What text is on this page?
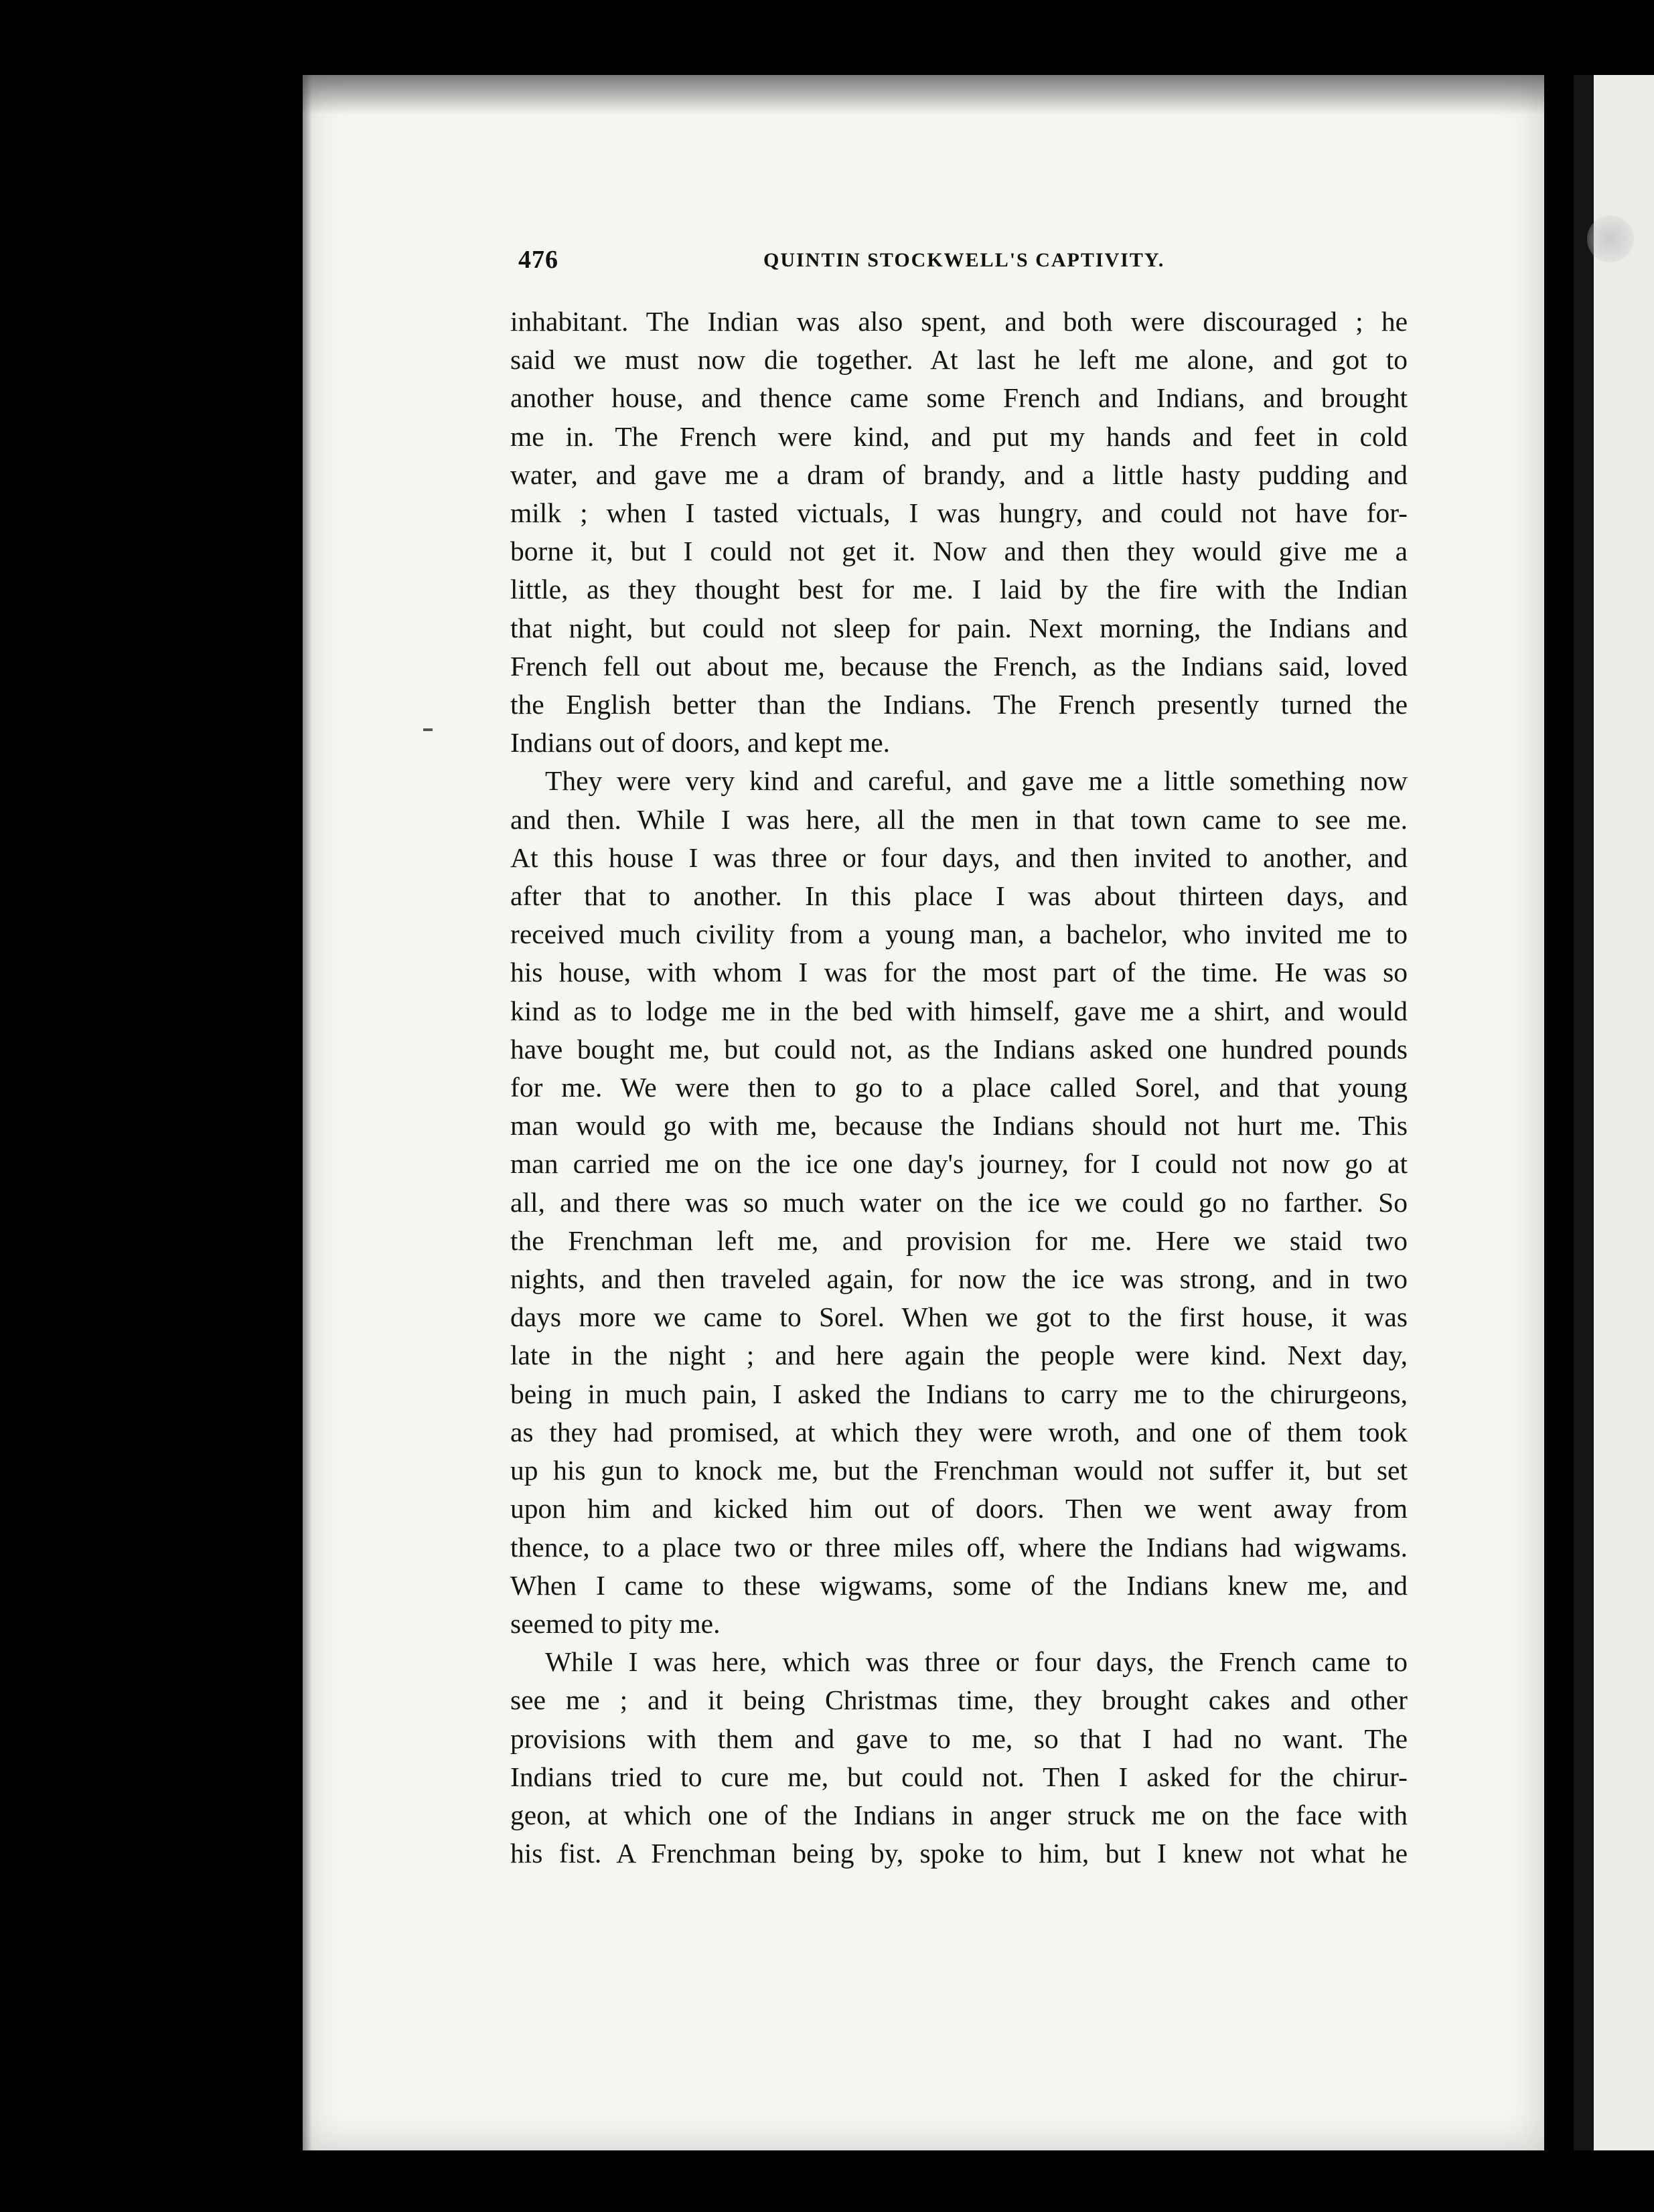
476	QUINTIN STOCKWELL'S CAPTIVITY.

inhabitant. The Indian was also spent, and both were discouraged ; he
said we must now die together. At last he left me alone, and got to
another house, and thence came some French and Indians, and brought
me in. The French were kind, and put my hands and feet in cold
water, and gave me a dram of brandy, and a little hasty pudding and
milk ; when I tasted victuals, I was hungry, and could not have for-
borne it, but I could not get it. Now and then they would give me a
little, as they thought best for me. I laid by the fire with the Indian
that night, but could not sleep for pain. Next morning, the Indians and
French fell out about me, because the French, as the Indians said, loved
the English better than the Indians. The French presently turned the
Indians out of doors, and kept me.

They were very kind and careful, and gave me a little something now
and then. While I was here, all the men in that town came to see me.
At this house I was three or four days, and then invited to another, and
after that to another. In this place I was about thirteen days, and
received much civility from a young man, a bachelor, who invited me to
his house, with whom I was for the most part of the time. He was so
kind as to lodge me in the bed with himself, gave me a shirt, and would
have bought me, but could not, as the Indians asked one hundred pounds
for me. We were then to go to a place called Sorel, and that young
man would go with me, because the Indians should not hurt me. This
man carried me on the ice one day's journey, for I could not now go at
all, and there was so much water on the ice we could go no farther. So
the Frenchman left me, and provision for me. Here we staid two
nights, and then traveled again, for now the ice was strong, and in two
days more we came to Sorel. When we got to the first house, it was
late in the night ; and here again the people were kind. Next day,
being in much pain, I asked the Indians to carry me to the chirurgeons,
as they had promised, at which they were wroth, and one of them took
up his gun to knock me, but the Frenchman would not suffer it, but set
upon him and kicked him out of doors. Then we went away from
thence, to a place two or three miles off, where the Indians had wigwams.
When I came to these wigwams, some of the Indians knew me, and
seemed to pity me.

While I was here, which was three or four days, the French came to
see me ; and it being Christmas time, they brought cakes and other
provisions with them and gave to me, so that I had no want. The
Indians tried to cure me, but could not. Then I asked for the chirur-
geon, at which one of the Indians in anger struck me on the face with
his fist. A Frenchman being by, spoke to him, but I knew not what he
